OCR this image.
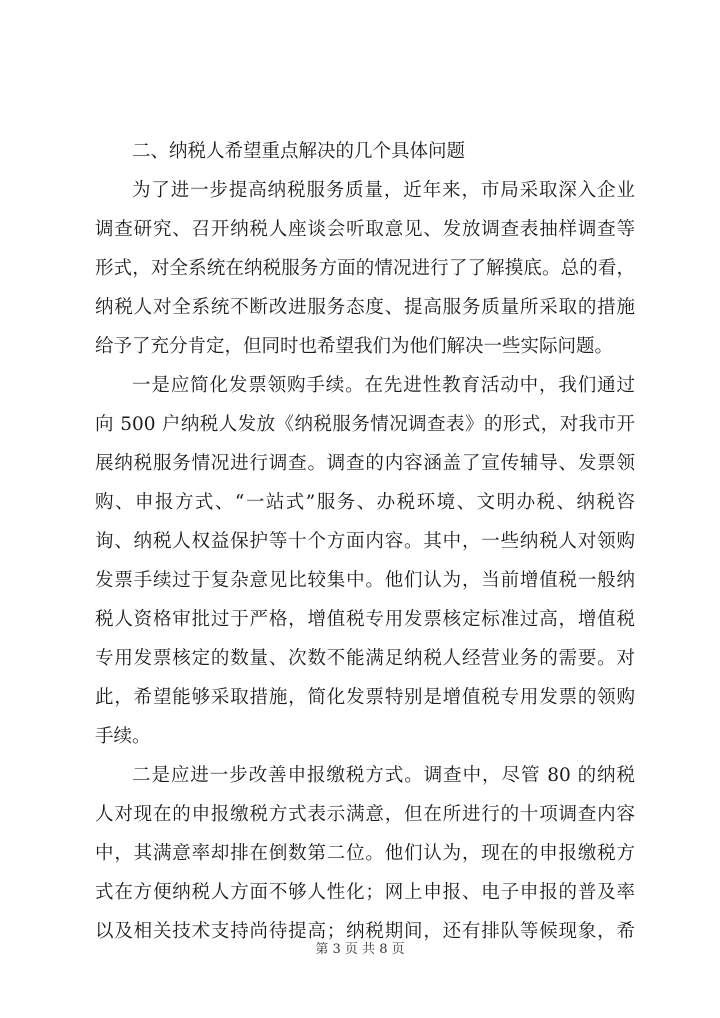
二、纳税人希望重点解决的几个具体问题
为了进一步提高纳税服务质量，近年来，市局采取深入企业
调查研究、召开纳税人座谈会听取意见、发放调查表抽样调查等
形式，对全系统在纳税服务方面的情况进行了了解摸底。总的看，
纳税人对全系统不断改进服务态度、提高服务质量所采取的措施
给予了充分肯定，但同时也希望我们为他们解决一些实际问题。
一是应简化发票领购手续。在先进性教育活动中，我们通过
向 500 户纳税人发放《纳税服务情况调查表》的形式，对我市开
展纳税服务情况进行调查。调查的内容涵盖了宣传辅导、发票领
购、申报方式、“一站式”服务、办税环境、文明办税、纳税咨
询、纳税人权益保护等十个方面内容。其中，一些纳税人对领购
发票手续过于复杂意见比较集中。他们认为，当前增值税一般纳
税人资格审批过于严格，增值税专用发票核定标准过高，增值税
专用发票核定的数量、次数不能满足纳税人经营业务的需要。对
此，希望能够采取措施，简化发票特别是增值税专用发票的领购
手续。
二是应进一步改善申报缴税方式。调查中，尽管 80 的纳税
人对现在的申报缴税方式表示满意，但在所进行的十项调查内容
中，其满意率却排在倒数第二位。他们认为，现在的申报缴税方
式在方便纳税人方面不够人性化；网上申报、电子申报的普及率
以及相关技术支持尚待提高；纳税期间，还有排队等候现象，希
第 3 页 共 8 页
